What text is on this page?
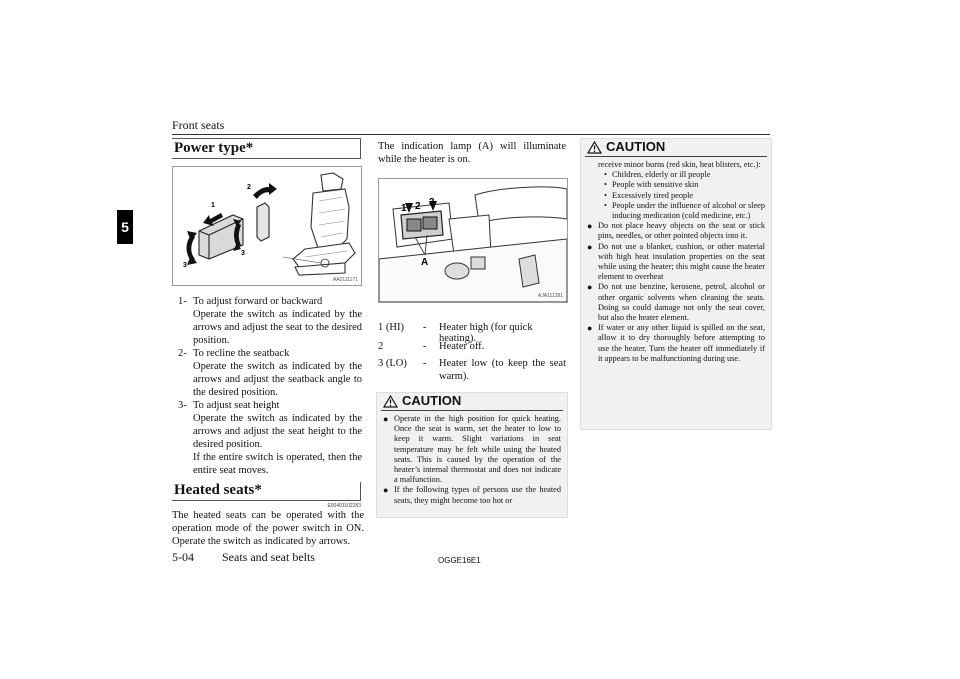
Front seats
5
Power type*
1
2
3
3
AA0111171
1- To adjust forward or backward
Operate the switch as indicated by the arrows and adjust the seat to the desired position.
2- To recline the seatback
Operate the switch as indicated by the arrows and adjust the seatback angle to the desired position.
3- To adjust seat height
Operate the switch as indicated by the arrows and adjust the seat height to the desired position.
If the entire switch is operated, then the entire seat moves.
Heated seats*
E00401102283
The heated seats can be operated with the operation mode of the power switch in ON. Operate the switch as indicated by arrows.
The indication lamp (A) will illuminate while the heater is on.
1 2 3
A
AJA111281
1 (HI)	-	Heater high (for quick heating).
2	-	Heater off.
3 (LO)	-	Heater low (to keep the seat warm).
CAUTION
● Operate in the high position for quick heating. Once the seat is warm, set the heater to low to keep it warm. Slight variations in seat temperature may be felt while using the heated seats. This is caused by the operation of the heater’s internal thermostat and does not indicate a malfunction.
● If the following types of persons use the heated seats, they might become too hot or
CAUTION
receive minor burns (red skin, heat blisters, etc.):
• Children, elderly or ill people
• People with sensitive skin
• Excessively tired people
• People under the influence of alcohol or sleep inducing medication (cold medicine, etc.)
● Do not place heavy objects on the seat or stick pins, needles, or other pointed objects into it.
● Do not use a blanket, cushion, or other material with high heat insulation properties on the seat while using the heater; this might cause the heater element to overheat
● Do not use benzine, kerosene, petrol, alcohol or other organic solvents when cleaning the seats. Doing so could damage not only the seat cover, but also the heater element.
● If water or any other liquid is spilled on the seat, allow it to dry thoroughly before attempting to use the heater. Turn the heater off immediately if it appears to be malfunctioning during use.
5-04 Seats and seat belts	OGGE16E1
